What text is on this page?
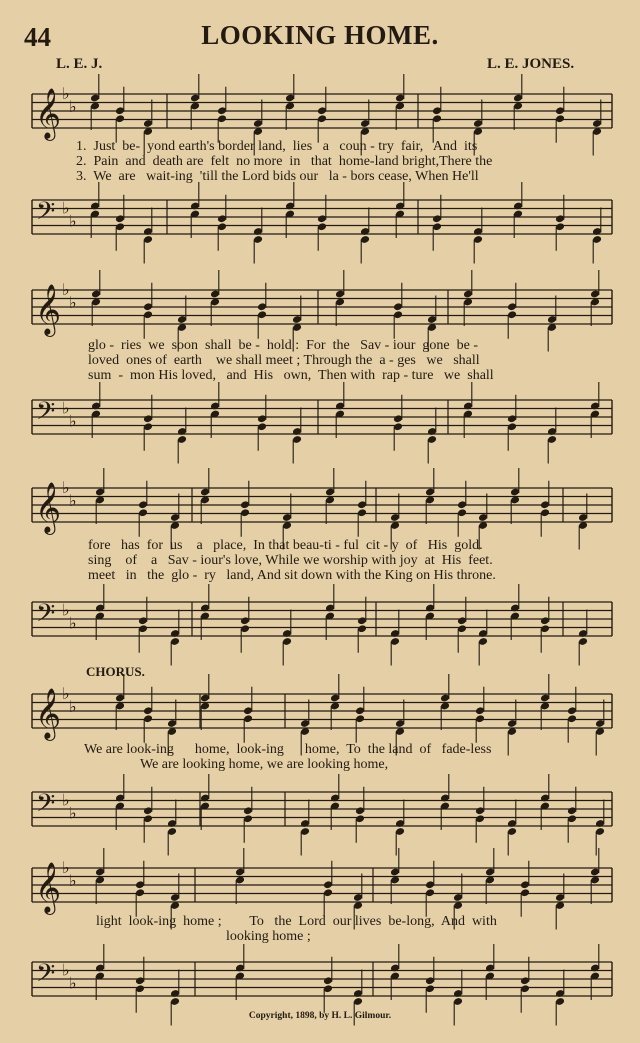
44	LOOKING HOME.
L. E. J.	L. E. JONES.
𝄞 ♭
♭
1.  Just  be-  yond earth's border land,  lies   a   coun - try  fair,   And  its
2.  Pain  and  death are  felt  no more  in   that  home-land bright,There the
3.  We  are   wait-ing  'till the Lord bids our   la - bors cease, When He'll
𝄢 ♭
♭
𝄞 ♭
♭
glo -  ries  we  soon  shall  be -  hold :  For  the   Sav - iour  gone  be -
loved  ones of  earth    we shall meet ; Through the  a - ges   we   shall
sum  -  mon His loved,   and  His   own,  Then with  rap - ture   we  shall
𝄢 ♭
♭
𝄞 ♭
♭
fore   has  for  us    a   place,  In that beau-ti - ful  cit - y  of   His  gold.
sing    of    a   Sav - iour's love, While we worship with joy  at  His  feet.
meet   in   the  glo -  ry   land, And sit down with the King on His throne.
𝄢 ♭
♭
CHORUS.
𝄞 ♭
♭
We are look-ing      home,  look-ing      home,  To  the land  of   fade-less
We are looking home, we are looking home,
𝄢 ♭
♭
𝄞 ♭
♭
light  look-ing  home ;        To   the  Lord  our lives  be-long,  And  with
looking home ;
𝄢 ♭
♭
Copyright, 1898, by H. L. Gilmour.
